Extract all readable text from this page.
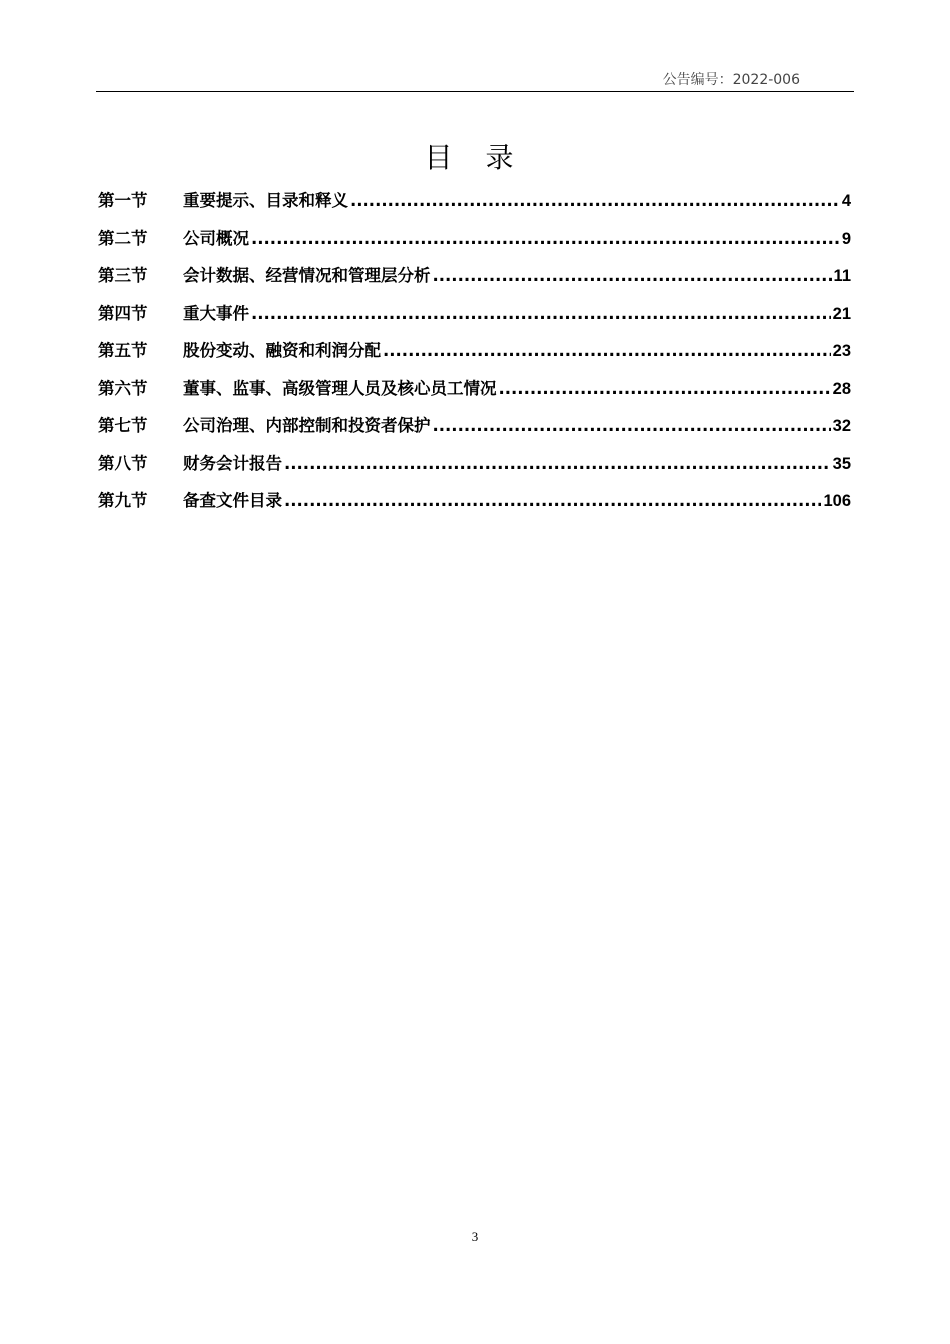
公告编号：2022-006
目 录
第一节	重要提示、目录和释义 .....	4
第二节	公司概况 .....	9
第三节	会计数据、经营情况和管理层分析 .....	11
第四节	重大事件 .....	21
第五节	股份变动、融资和利润分配 .....	23
第六节	董事、监事、高级管理人员及核心员工情况 .....	28
第七节	公司治理、内部控制和投资者保护 .....	32
第八节	财务会计报告 .....	35
第九节	备查文件目录 .....	106
3
